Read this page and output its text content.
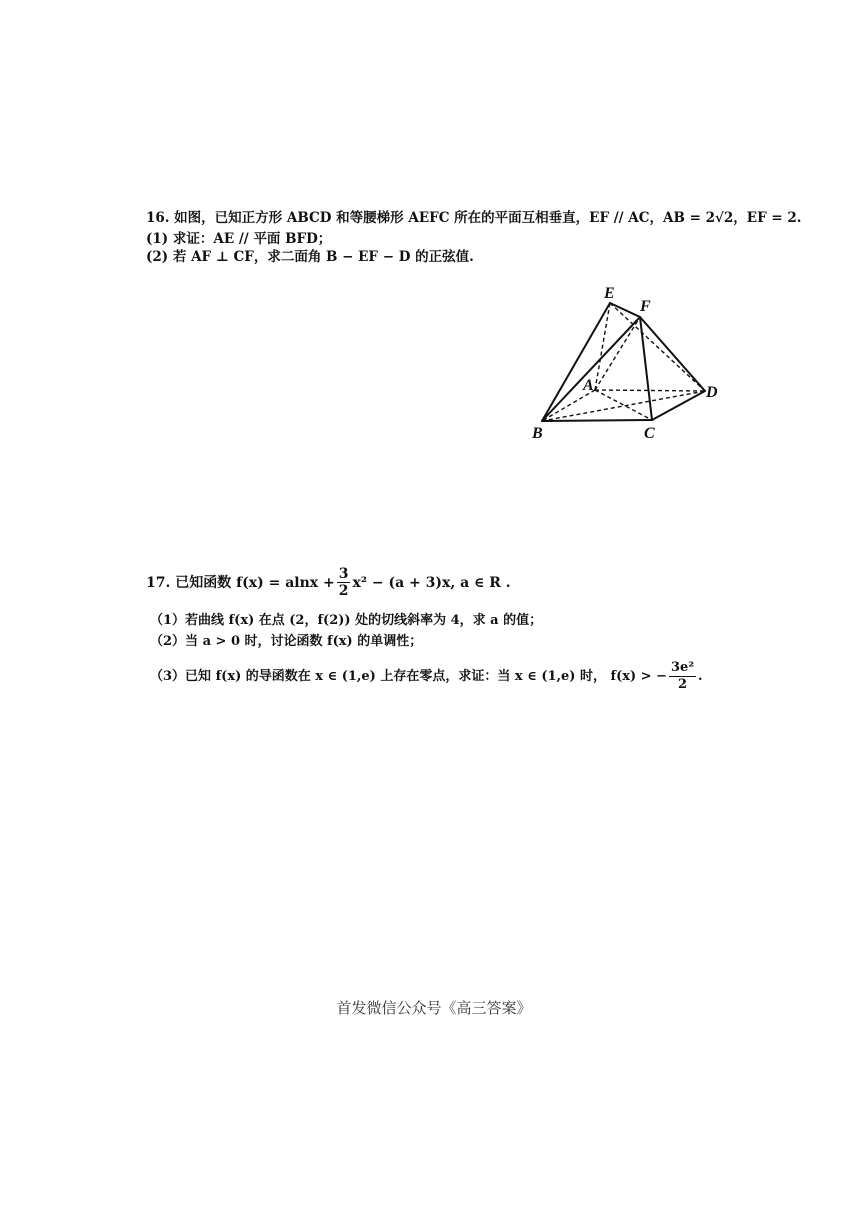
16. 如图，已知正方形 ABCD 和等腰梯形 AEFC 所在的平面互相垂直，EF // AC，AB = 2√2，EF = 2.
(1) 求证：AE // 平面 BFD；
(2) 若 AF ⊥ CF，求二面角 B − EF − D 的正弦值.
E
F
A
B	C
D
17. 已知函数 $f(x) = alnx + \frac{3}{2} x^2 - (a + 3)x$, a ∈ R .
（1）若曲线 f(x) 在点 (2，f(2)) 处的切线斜率为 4，求 a 的值；
（2）当 a > 0 时，讨论函数 f(x) 的单调性；
（3）已知 f(x) 的导函数在 x ∈ (1,e) 上存在零点，求证：当 x ∈ (1,e) 时， f(x) > − $\frac{\text{3e²}}{2}$ .
首发微信公众号《高三答案》
